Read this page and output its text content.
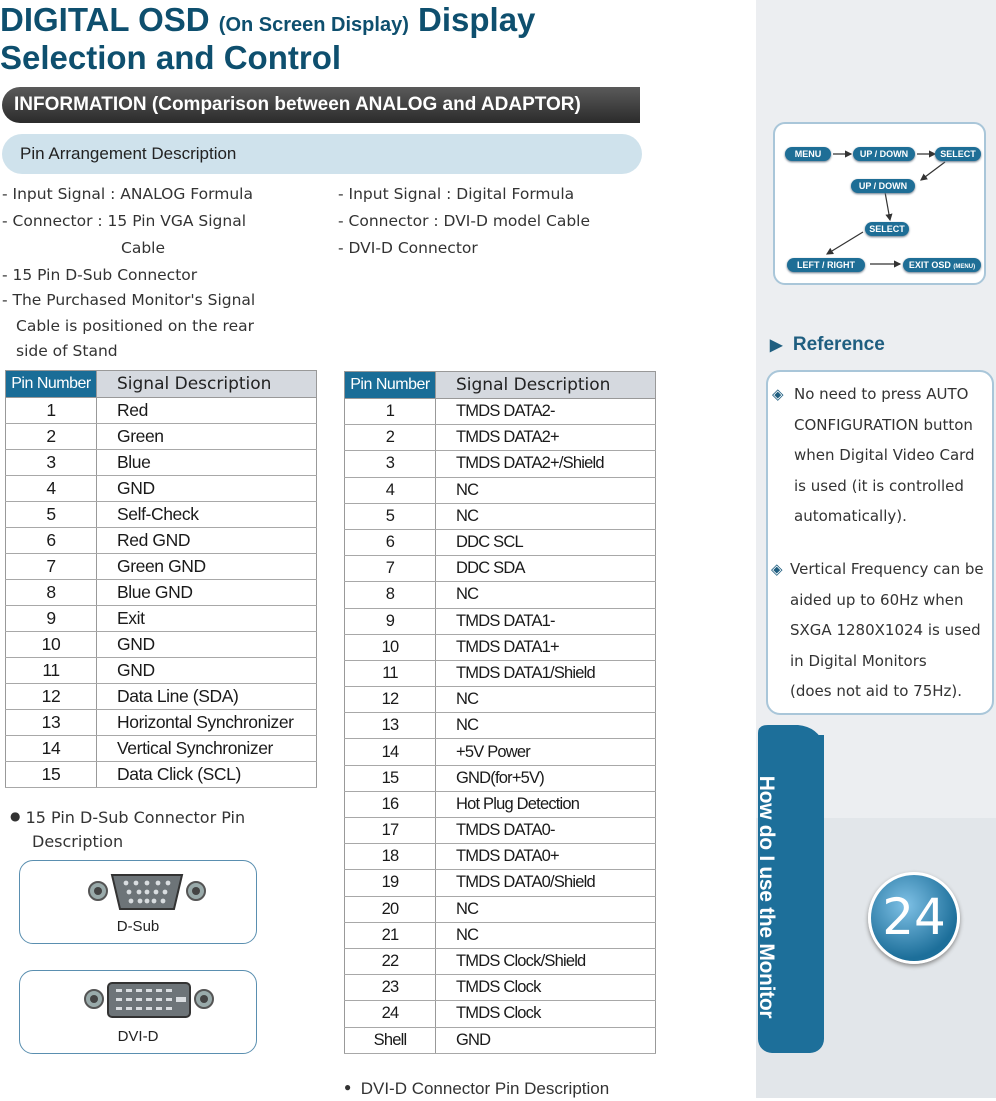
DIGITAL OSD (On Screen Display) Display
Selection and Control
INFORMATION (Comparison between ANALOG and ADAPTOR)
Pin Arrangement Description
- Input Signal : ANALOG Formula
- Connector : 15 Pin VGA Signal
Cable
- 15 Pin D-Sub Connector
- The Purchased Monitor's Signal
Cable is positioned on the rear
side of Stand
- Input Signal : Digital Formula
- Connector : DVI-D model Cable
- DVI-D Connector
Pin Number	Signal Description
1	Red
2	Green
3	Blue
4	GND
5	Self-Check
6	Red GND
7	Green GND
8	Blue GND
9	Exit
10	GND
11	GND
12	Data Line (SDA)
13	Horizontal Synchronizer
14	Vertical Synchronizer
15	Data Click (SCL)
Pin Number	Signal Description
1	TMDS DATA2-
2	TMDS DATA2+
3	TMDS DATA2+/Shield
4	NC
5	NC
6	DDC SCL
7	DDC SDA
8	NC
9	TMDS DATA1-
10	TMDS DATA1+
11	TMDS DATA1/Shield
12	NC
13	NC
14	+5V Power
15	GND(for+5V)
16	Hot Plug Detection
17	TMDS DATA0-
18	TMDS DATA0+
19	TMDS DATA0/Shield
20	NC
21	NC
22	TMDS Clock/Shield
23	TMDS Clock
24	TMDS Clock
Shell	GND
● 15 Pin D-Sub Connector Pin
Description
● DVI-D Connector Pin Description
D-Sub
DVI-D
MENU	UP / DOWN	SELECT
UP / DOWN
SELECT
LEFT / RIGHT	EXIT OSD (MENU)
▶ Reference
◈ No need to press AUTO
CONFIGURATION button
when Digital Video Card
is used (it is controlled
automatically).
◈ Vertical Frequency can be
aided up to 60Hz when
SXGA 1280X1024 is used
in Digital Monitors
(does not aid to 75Hz).
How do I use the Monitor 24
